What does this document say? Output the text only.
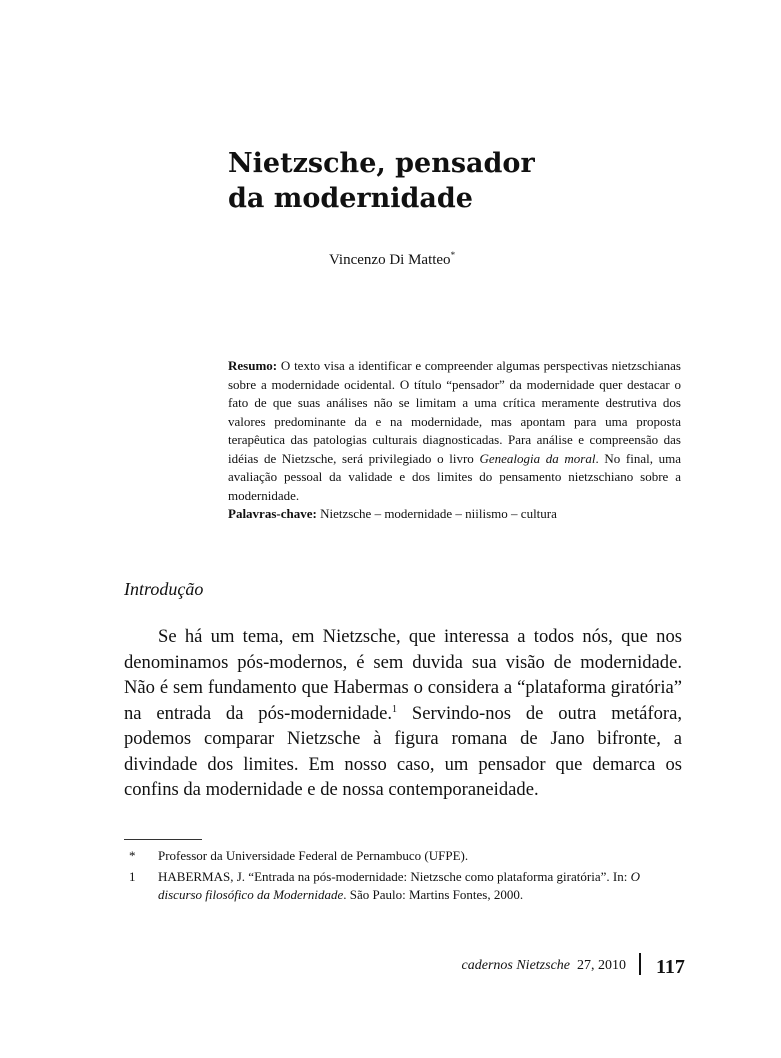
Nietzsche, pensador
da modernidade
Vincenzo Di Matteo*

Resumo: O texto visa a identificar e compreender algumas perspectivas nietzschianas sobre a modernidade ocidental. O título “pensador” da modernidade quer destacar o fato de que suas análises não se limitam a uma crítica meramente destrutiva dos valores predominante da e na modernidade, mas apontam para uma proposta terapêutica das patologias culturais diagnosticadas. Para análise e compreensão das idéias de Nietzsche, será privilegiado o livro Genealogia da moral. No final, uma avaliação pessoal da validade e dos limites do pensamento nietzschiano sobre a modernidade.

Palavras-chave: Nietzsche – modernidade – niilismo – cultura

Introdução

Se há um tema, em Nietzsche, que interessa a todos nós, que nos denominamos pós-modernos, é sem duvida sua visão de modernidade. Não é sem fundamento que Habermas o considera a “plataforma giratória” na entrada da pós-modernidade.$^1$ Servindo-nos de outra metáfora, podemos comparar Nietzsche à figura romana de Jano bifronte, a divindade dos limites. Em nosso caso, um pensador que demarca os confins da modernidade e de nossa contemporaneidade.

*	Professor da Universidade Federal de Pernambuco (UFPE).
1	HABERMAS, J. “Entrada na pós-modernidade: Nietzsche como plataforma giratória”. In: O discurso filosófico da Modernidade. São Paulo: Martins Fontes, 2000.
cadernos Nietzsche 27, 2010 117
